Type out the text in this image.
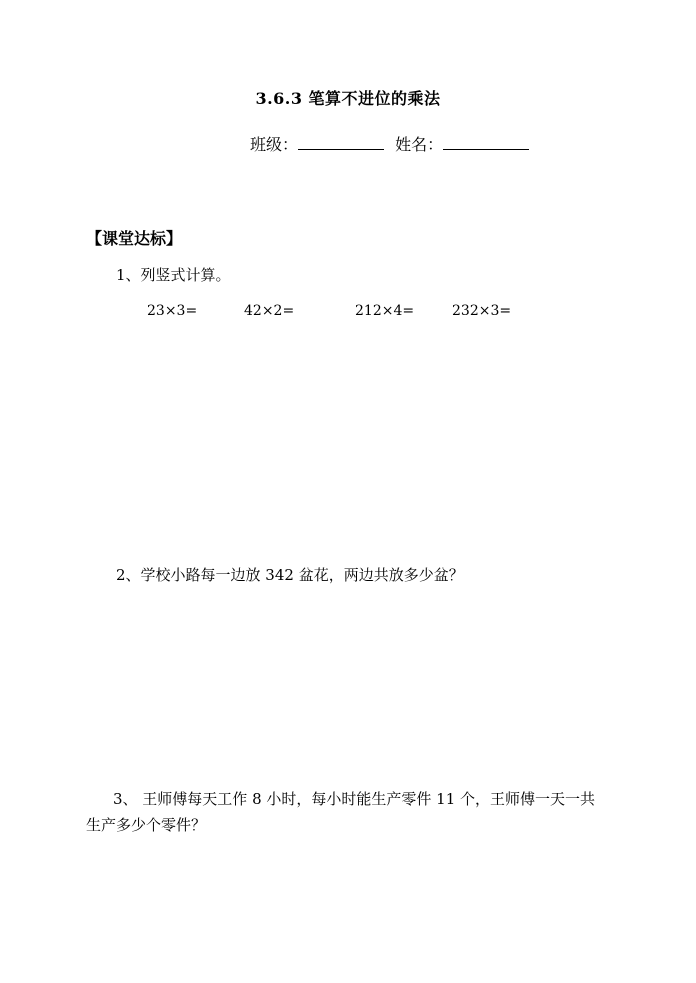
3.6.3 笔算不进位的乘法
班级：	姓名：
【课堂达标】
1、列竖式计算。
23×3=	42×2=	212×4=	232×3=
2、学校小路每一边放 342 盆花，两边共放多少盆？
3、 王师傅每天工作 8 小时，每小时能生产零件 11 个，王师傅一天一共
生产多少个零件？
